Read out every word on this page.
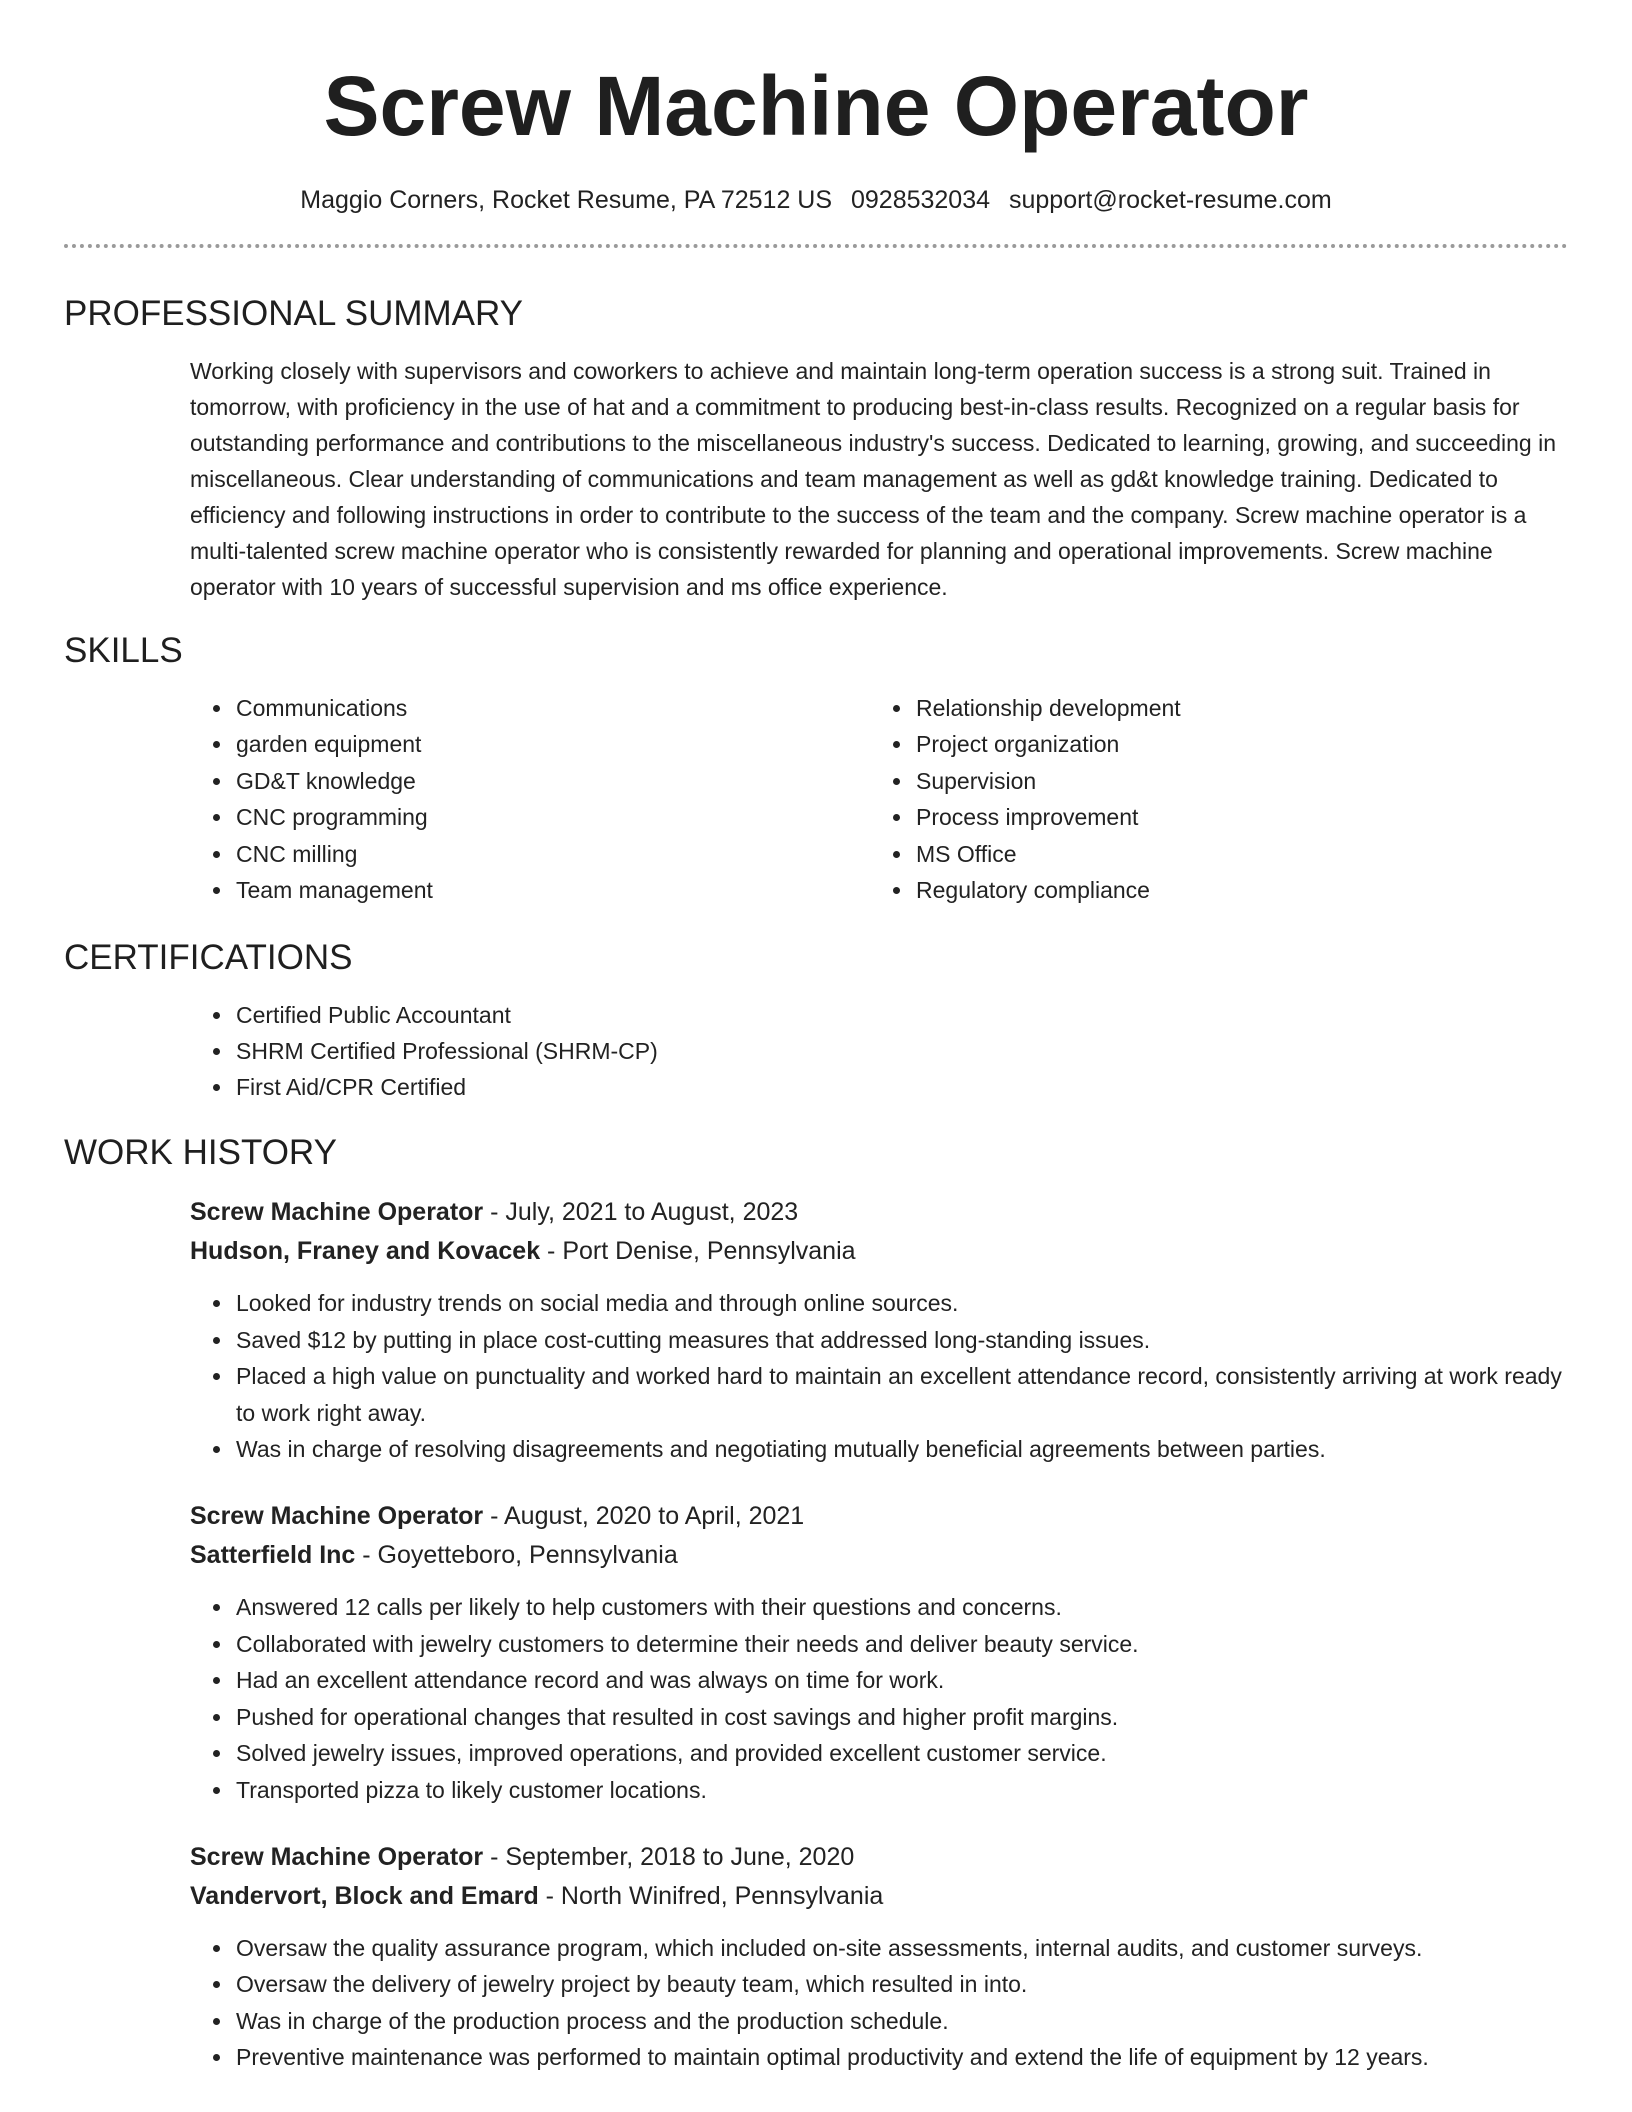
Screw Machine Operator
Maggio Corners, Rocket Resume, PA 72512 US 0928532034 support@rocket-resume.com
PROFESSIONAL SUMMARY

Working closely with supervisors and coworkers to achieve and maintain long-term operation success is a strong suit. Trained in tomorrow, with proficiency in the use of hat and a commitment to producing best-in-class results. Recognized on a regular basis for outstanding performance and contributions to the miscellaneous industry's success. Dedicated to learning, growing, and succeeding in miscellaneous. Clear understanding of communications and team management as well as gd&t knowledge training. Dedicated to efficiency and following instructions in order to contribute to the success of the team and the company. Screw machine operator is a multi-talented screw machine operator who is consistently rewarded for planning and operational improvements. Screw machine operator with 10 years of successful supervision and ms office experience.

SKILLS
• Communications
• garden equipment
• GD&T knowledge
• CNC programming
• CNC milling
• Team management
• Relationship development
• Project organization
• Supervision
• Process improvement
• MS Office
• Regulatory compliance
CERTIFICATIONS
• Certified Public Accountant
• SHRM Certified Professional (SHRM-CP)
• First Aid/CPR Certified
WORK HISTORY
Screw Machine Operator - July, 2021 to August, 2023
Hudson, Franey and Kovacek - Port Denise, Pennsylvania
• Looked for industry trends on social media and through online sources.
• Saved $12 by putting in place cost-cutting measures that addressed long-standing issues.
• Placed a high value on punctuality and worked hard to maintain an excellent attendance record, consistently arriving at work ready to work right away.
• Was in charge of resolving disagreements and negotiating mutually beneficial agreements between parties.
Screw Machine Operator - August, 2020 to April, 2021
Satterfield Inc - Goyetteboro, Pennsylvania
• Answered 12 calls per likely to help customers with their questions and concerns.
• Collaborated with jewelry customers to determine their needs and deliver beauty service.
• Had an excellent attendance record and was always on time for work.
• Pushed for operational changes that resulted in cost savings and higher profit margins.
• Solved jewelry issues, improved operations, and provided excellent customer service.
• Transported pizza to likely customer locations.
Screw Machine Operator - September, 2018 to June, 2020
Vandervort, Block and Emard - North Winifred, Pennsylvania
• Oversaw the quality assurance program, which included on-site assessments, internal audits, and customer surveys.
• Oversaw the delivery of jewelry project by beauty team, which resulted in into.
• Was in charge of the production process and the production schedule.
• Preventive maintenance was performed to maintain optimal productivity and extend the life of equipment by 12 years.
